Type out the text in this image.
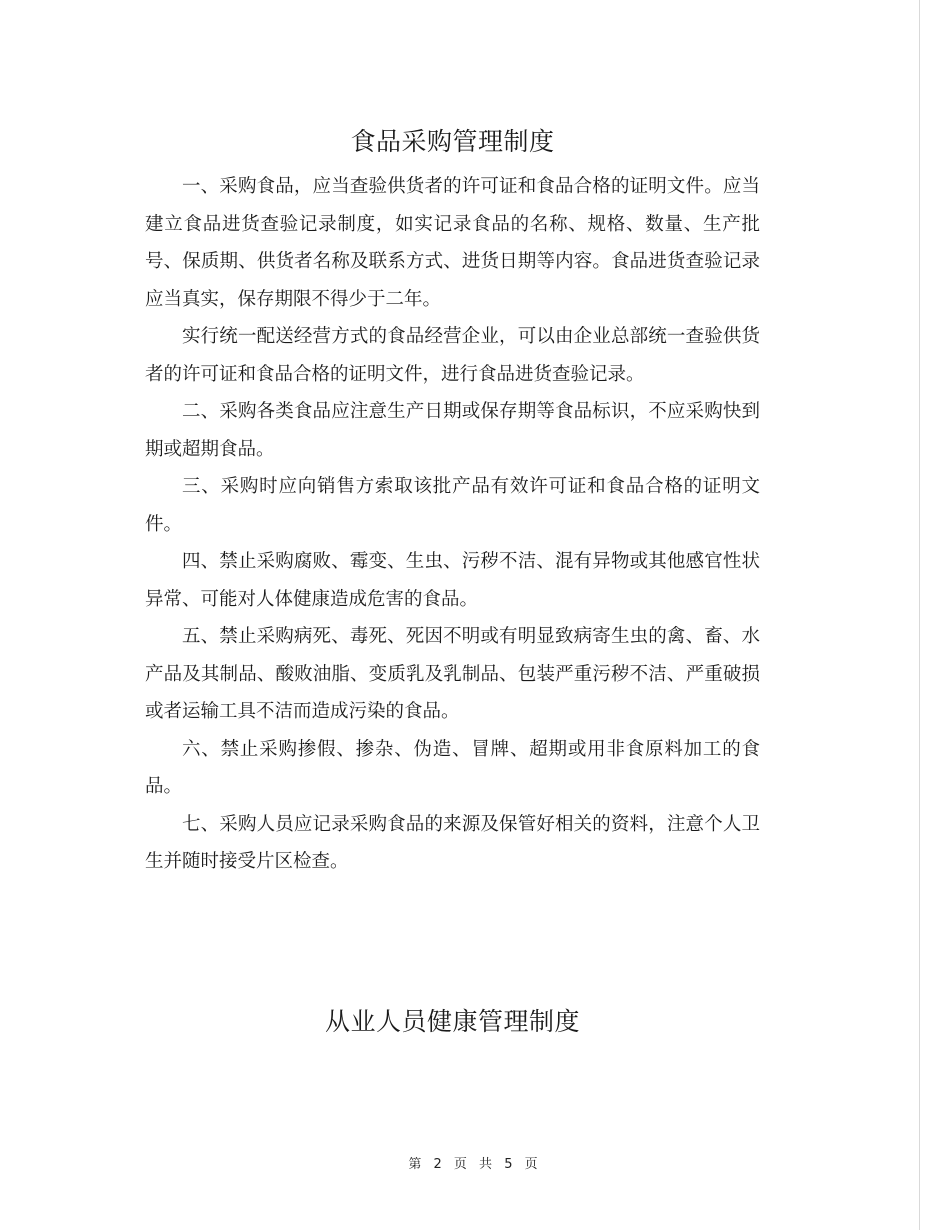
食品采购管理制度

一、采购食品，应当查验供货者的许可证和食品合格的证明文件。应当建立食品进货查验记录制度，如实记录食品的名称、规格、数量、生产批号、保质期、供货者名称及联系方式、进货日期等内容。食品进货查验记录应当真实，保存期限不得少于二年。

实行统一配送经营方式的食品经营企业，可以由企业总部统一查验供货者的许可证和食品合格的证明文件，进行食品进货查验记录。

二、采购各类食品应注意生产日期或保存期等食品标识，不应采购快到期或超期食品。

三、采购时应向销售方索取该批产品有效许可证和食品合格的证明文件。

四、禁止采购腐败、霉变、生虫、污秽不洁、混有异物或其他感官性状异常、可能对人体健康造成危害的食品。

五、禁止采购病死、毒死、死因不明或有明显致病寄生虫的禽、畜、水产品及其制品、酸败油脂、变质乳及乳制品、包装严重污秽不洁、严重破损或者运输工具不洁而造成污染的食品。

六、禁止采购掺假、掺杂、伪造、冒牌、超期或用非食原料加工的食品。

七、采购人员应记录采购食品的来源及保管好相关的资料，注意个人卫生并随时接受片区检查。

从业人员健康管理制度
第 2 页 共 5 页
